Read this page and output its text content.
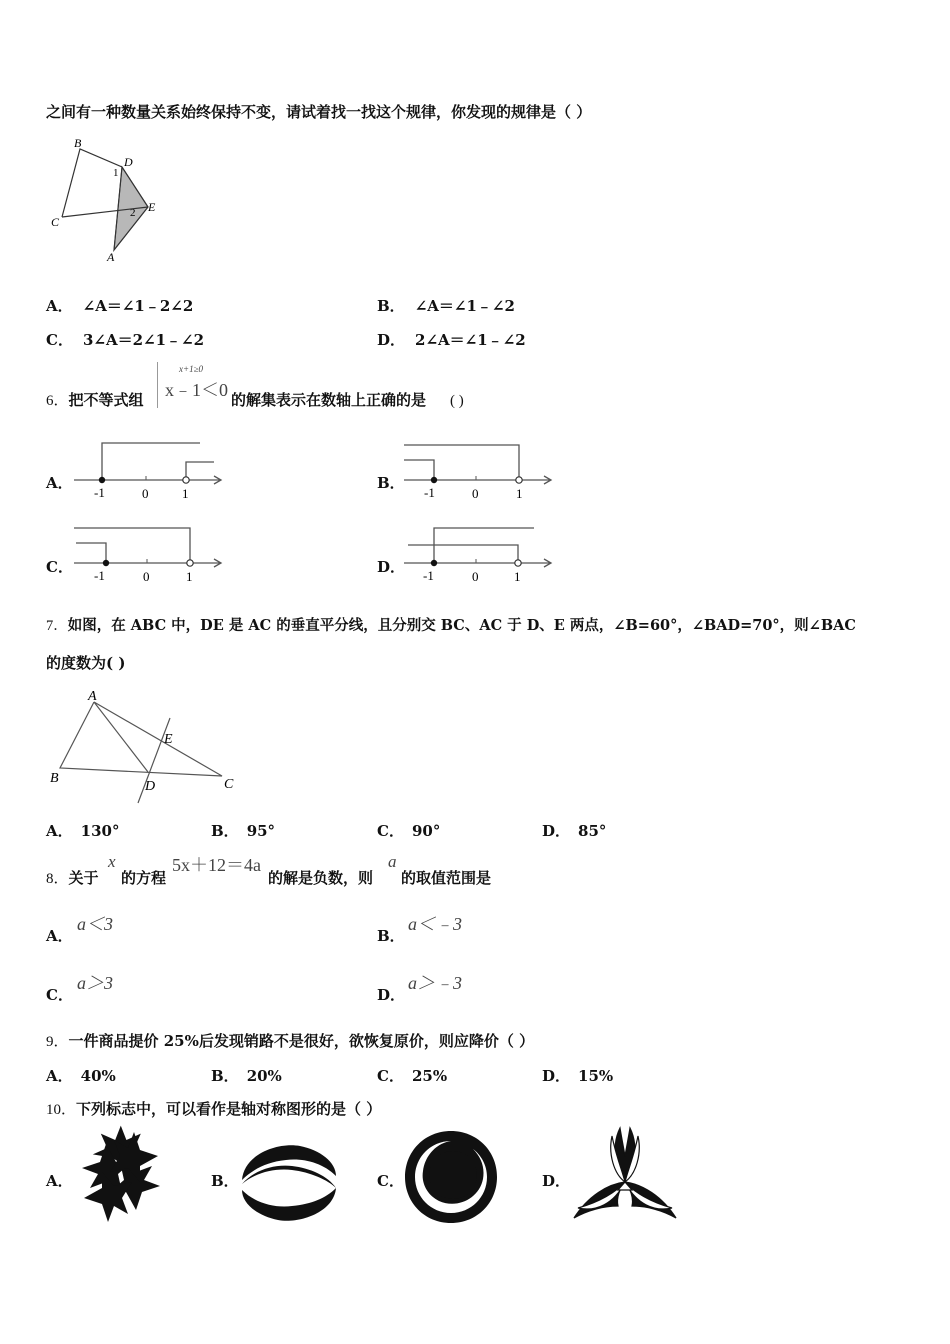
之间有一种数量关系始终保持不变，请试着找一找这个规律，你发现的规律是（ ）
B
D
1
2 E
C
A
A． ∠A＝∠1﹣2∠2	B． ∠A＝∠1﹣∠2
C． 3∠A＝2∠1﹣∠2	D． 2∠A＝∠1﹣∠2
6．把不等式组
x+1≥0
x﹣1＜0 的解集表示在数轴上正确的是 ( )
A．
-1	0	1
B．
-1	0	1
C． -1	0	1
D． -1	0	1
7．如图，在 ABC 中，DE 是 AC 的垂直平分线，且分别交 BC、AC 于 D、E 两点，∠B=60°，∠BAD=70°，则∠BAC
的度数为( )
A
E
B
D	C
A． 130°	B． 95°	C． 90°	D． 85°
8．关于
x
的方程
5x＋12＝4a
的解是负数，则
a
的取值范围是
A．
a＜3
B．
a＜﹣3
C．
a＞3
D．
a＞﹣3
9．一件商品提价 25%后发现销路不是很好，欲恢复原价，则应降价（ ）
A． 40%	B． 20%	C． 25%	D． 15%
10．下列标志中，可以看作是轴对称图形的是（ ）
A．	B．	C．	D．
